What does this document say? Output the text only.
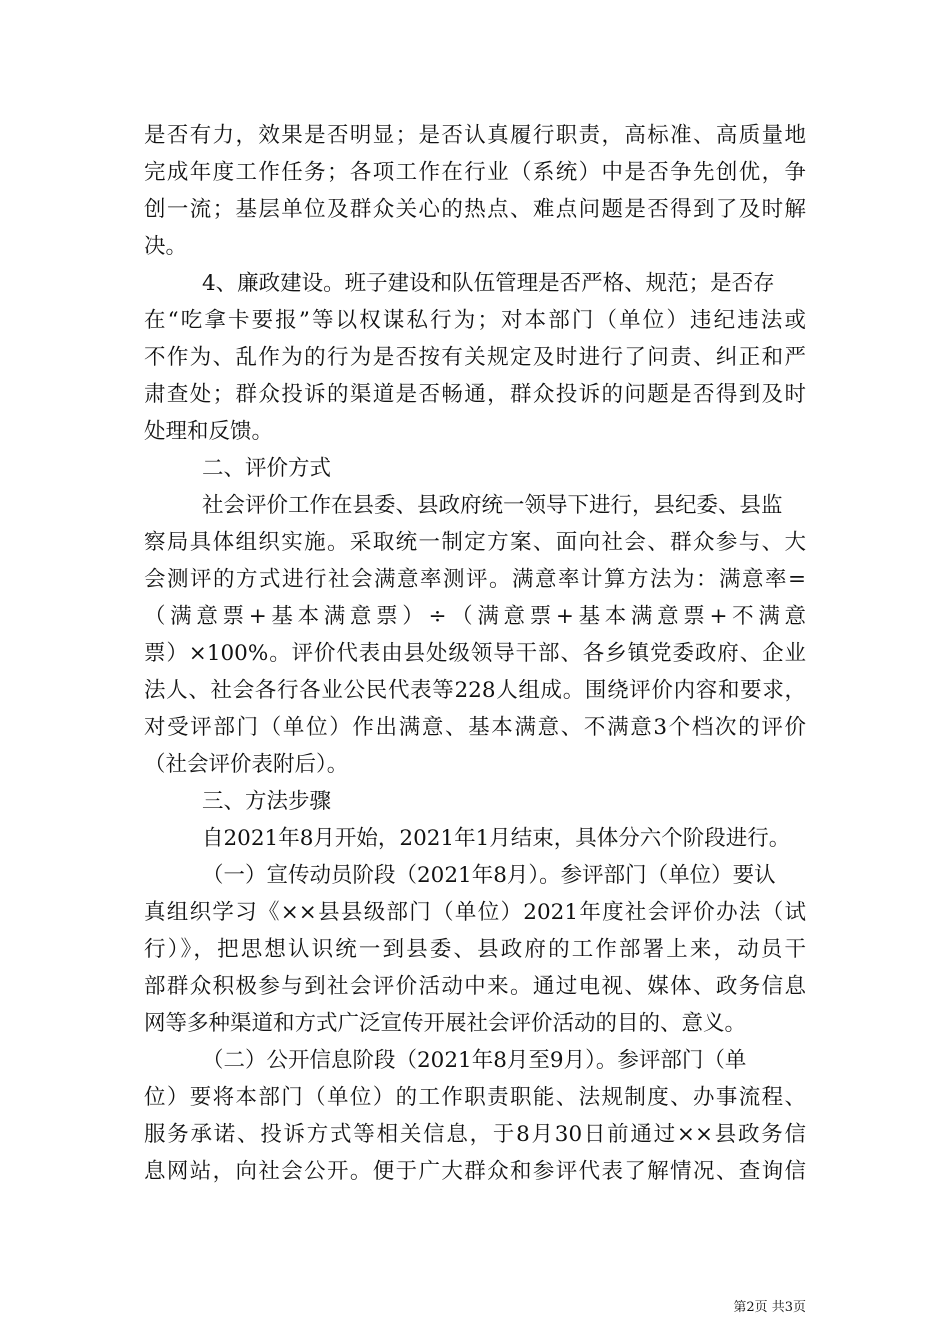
是否有力，效果是否明显；是否认真履行职责，高标准、高质量地
完成年度工作任务；各项工作在行业（系统）中是否争先创优，争
创一流；基层单位及群众关心的热点、难点问题是否得到了及时解
决。
4、廉政建设。班子建设和队伍管理是否严格、规范；是否存
在“吃拿卡要报”等以权谋私行为；对本部门（单位）违纪违法或
不作为、乱作为的行为是否按有关规定及时进行了问责、纠正和严
肃查处；群众投诉的渠道是否畅通，群众投诉的问题是否得到及时
处理和反馈。
二、评价方式
社会评价工作在县委、县政府统一领导下进行，县纪委、县监
察局具体组织实施。采取统一制定方案、面向社会、群众参与、大
会测评的方式进行社会满意率测评。满意率计算方法为：满意率=
（满意票+基本满意票）÷（满意票+基本满意票+不满意
票）×100%。评价代表由县处级领导干部、各乡镇党委政府、企业
法人、社会各行各业公民代表等228人组成。围绕评价内容和要求，
对受评部门（单位）作出满意、基本满意、不满意3个档次的评价
（社会评价表附后）。
三、方法步骤
自2021年8月开始，2021年1月结束，具体分六个阶段进行。
（一）宣传动员阶段（2021年8月）。参评部门（单位）要认
真组织学习《××县县级部门（单位）2021年度社会评价办法（试
行）》，把思想认识统一到县委、县政府的工作部署上来，动员干
部群众积极参与到社会评价活动中来。通过电视、媒体、政务信息
网等多种渠道和方式广泛宣传开展社会评价活动的目的、意义。
（二）公开信息阶段（2021年8月至9月）。参评部门（单
位）要将本部门（单位）的工作职责职能、法规制度、办事流程、
服务承诺、投诉方式等相关信息，于8月30日前通过××县政务信
息网站，向社会公开。便于广大群众和参评代表了解情况、查询信
第2页 共3页
